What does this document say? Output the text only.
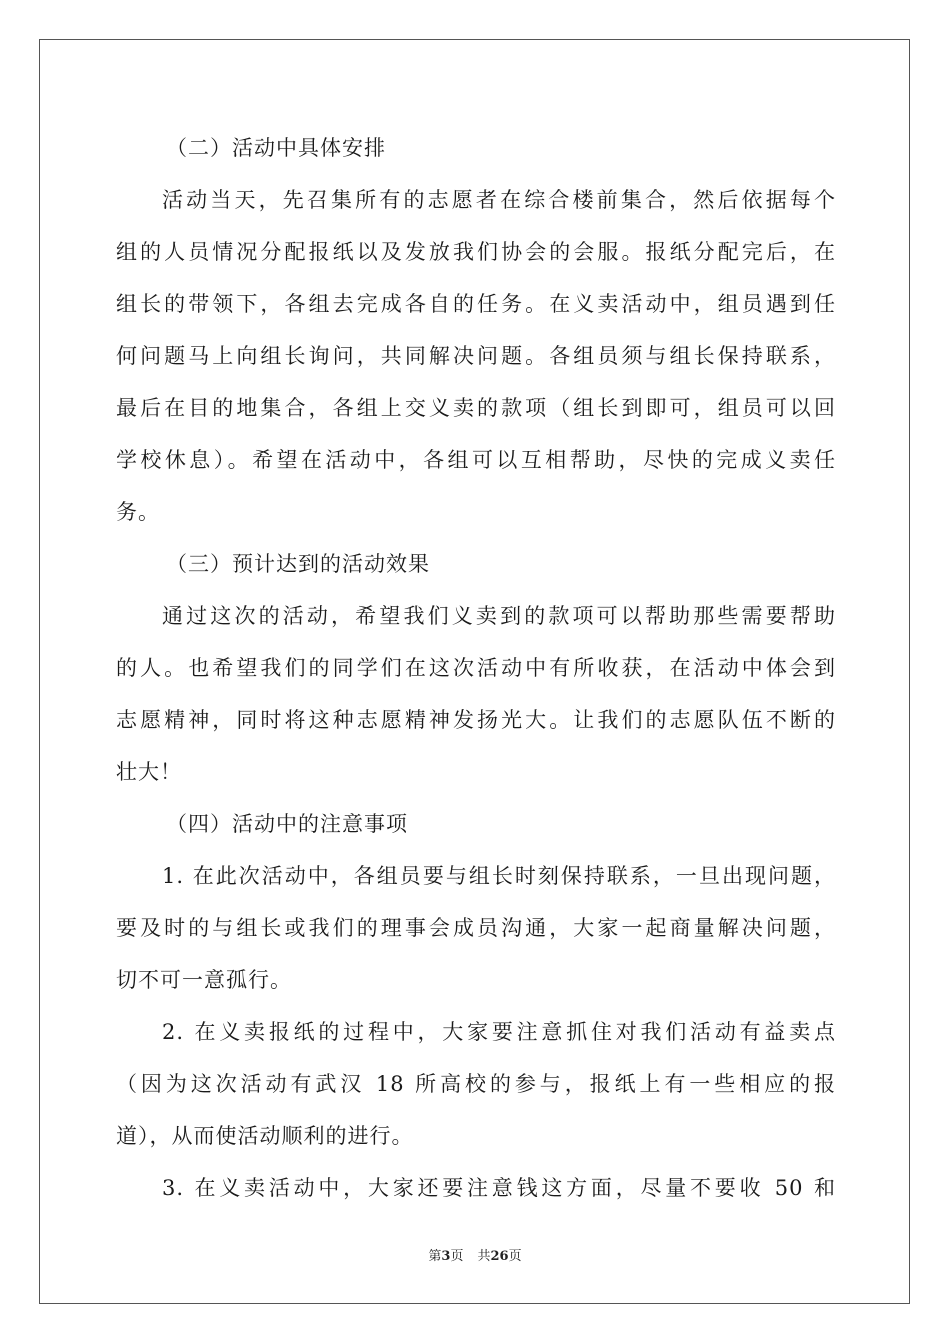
（二）活动中具体安排
活动当天，先召集所有的志愿者在综合楼前集合，然后依据每个
组的人员情况分配报纸以及发放我们协会的会服。报纸分配完后，在
组长的带领下，各组去完成各自的任务。在义卖活动中，组员遇到任
何问题马上向组长询问，共同解决问题。各组员须与组长保持联系，
最后在目的地集合，各组上交义卖的款项（组长到即可，组员可以回
学校休息）。希望在活动中，各组可以互相帮助，尽快的完成义卖任
务。
（三）预计达到的活动效果
通过这次的活动，希望我们义卖到的款项可以帮助那些需要帮助
的人。也希望我们的同学们在这次活动中有所收获，在活动中体会到
志愿精神，同时将这种志愿精神发扬光大。让我们的志愿队伍不断的
壮大！
（四）活动中的注意事项
1. 在此次活动中，各组员要与组长时刻保持联系，一旦出现问题，
要及时的与组长或我们的理事会成员沟通，大家一起商量解决问题，
切不可一意孤行。
2. 在义卖报纸的过程中，大家要注意抓住对我们活动有益卖点
（因为这次活动有武汉 18 所高校的参与，报纸上有一些相应的报
道），从而使活动顺利的进行。
3. 在义卖活动中，大家还要注意钱这方面，尽量不要收 50 和
第3页 共26页
